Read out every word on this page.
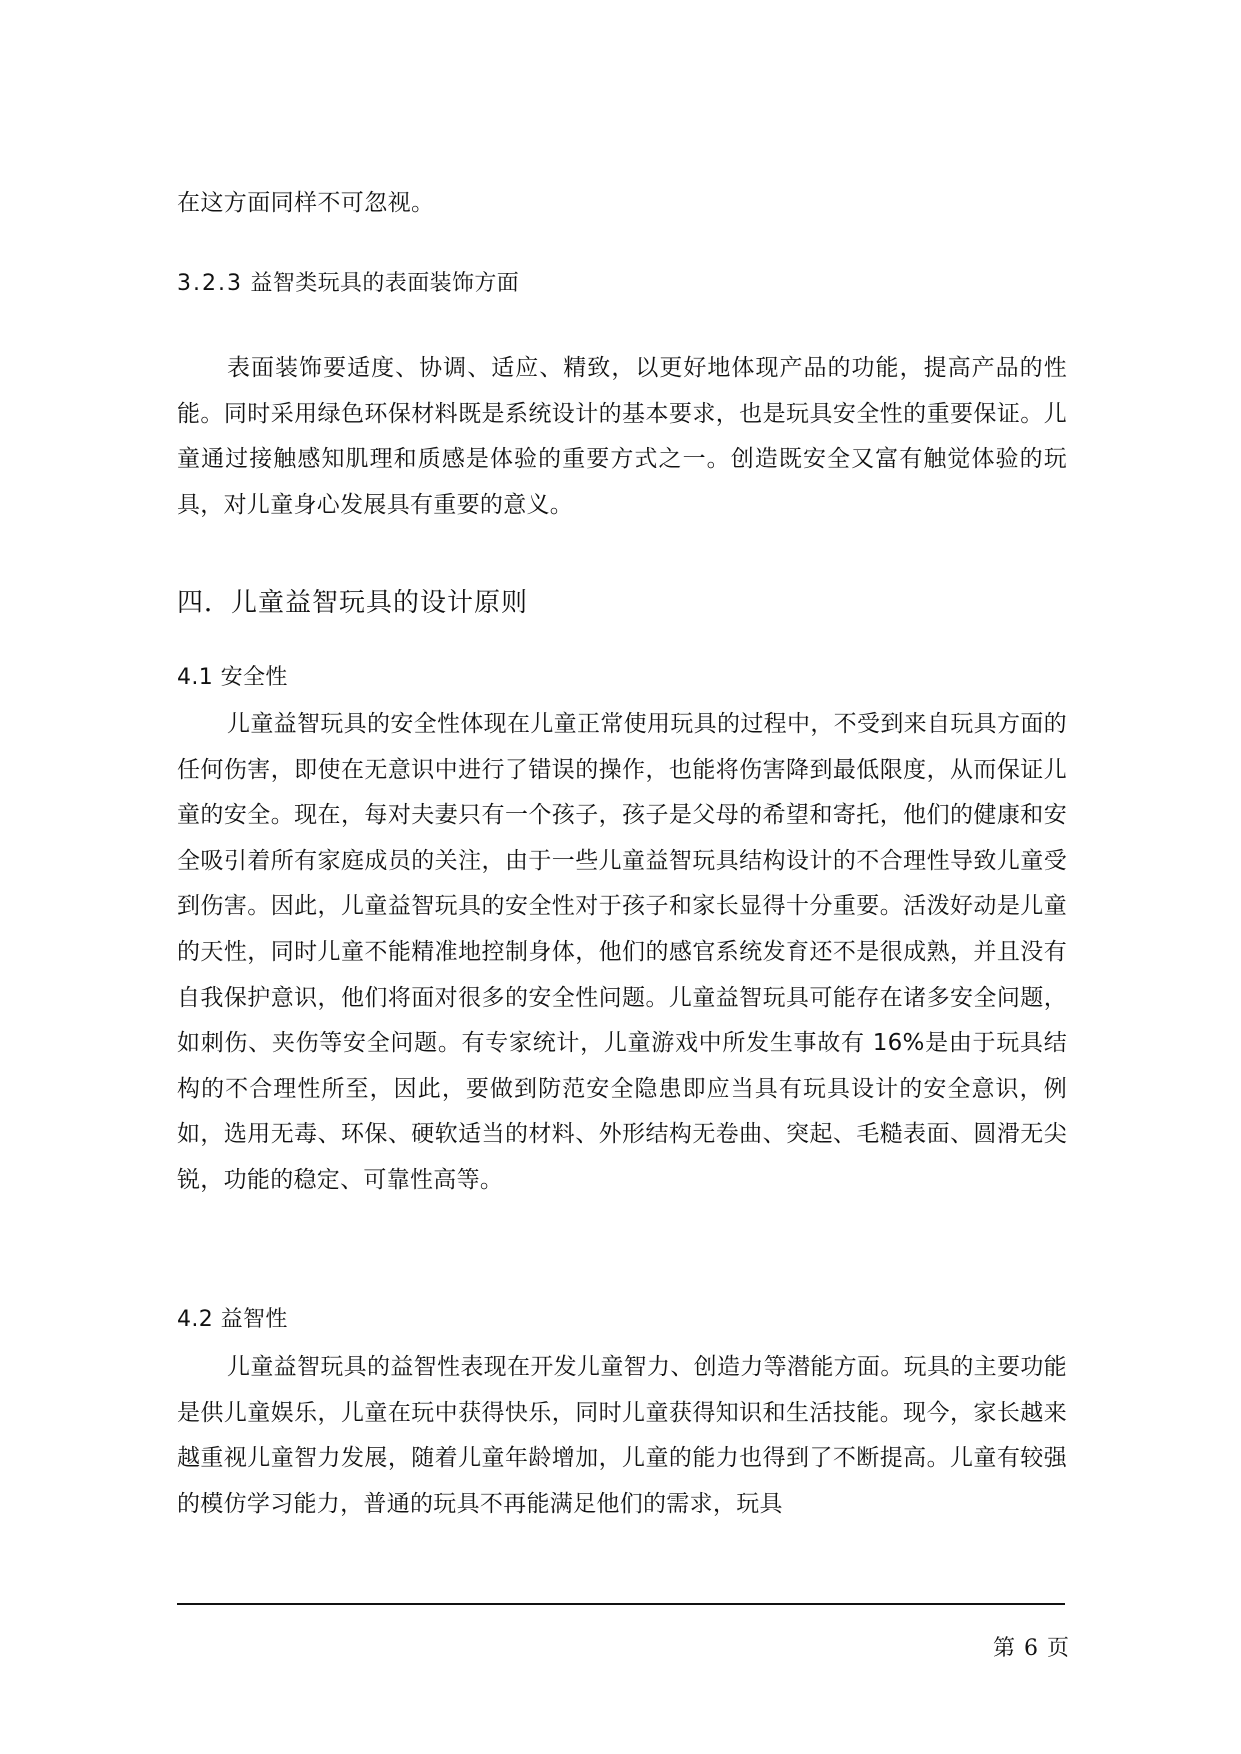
在这方面同样不可忽视。
3.2.3 益智类玩具的表面装饰方面

表面装饰要适度、协调、适应、精致，以更好地体现产品的功能，提高产品的性能。同时采用绿色环保材料既是系统设计的基本要求，也是玩具安全性的重要保证。儿童通过接触感知肌理和质感是体验的重要方式之一。创造既安全又富有触觉体验的玩具，对儿童身心发展具有重要的意义。

四．儿童益智玩具的设计原则
4.1 安全性

儿童益智玩具的安全性体现在儿童正常使用玩具的过程中，不受到来自玩具方面的任何伤害，即使在无意识中进行了错误的操作，也能将伤害降到最低限度，从而保证儿童的安全。现在，每对夫妻只有一个孩子，孩子是父母的希望和寄托，他们的健康和安全吸引着所有家庭成员的关注，由于一些儿童益智玩具结构设计的不合理性导致儿童受到伤害。因此，儿童益智玩具的安全性对于孩子和家长显得十分重要。活泼好动是儿童的天性，同时儿童不能精准地控制身体，他们的感官系统发育还不是很成熟，并且没有自我保护意识，他们将面对很多的安全性问题。儿童益智玩具可能存在诸多安全问题，如刺伤、夹伤等安全问题。有专家统计，儿童游戏中所发生事故有 16%是由于玩具结构的不合理性所至，因此，要做到防范安全隐患即应当具有玩具设计的安全意识，例如，选用无毒、环保、硬软适当的材料、外形结构无卷曲、突起、毛糙表面、圆滑无尖锐，功能的稳定、可靠性高等。

4.2 益智性

儿童益智玩具的益智性表现在开发儿童智力、创造力等潜能方面。玩具的主要功能是供儿童娱乐，儿童在玩中获得快乐，同时儿童获得知识和生活技能。现今，家长越来越重视儿童智力发展，随着儿童年龄增加，儿童的能力也得到了不断提高。儿童有较强的模仿学习能力，普通的玩具不再能满足他们的需求，玩具

第 6 页
